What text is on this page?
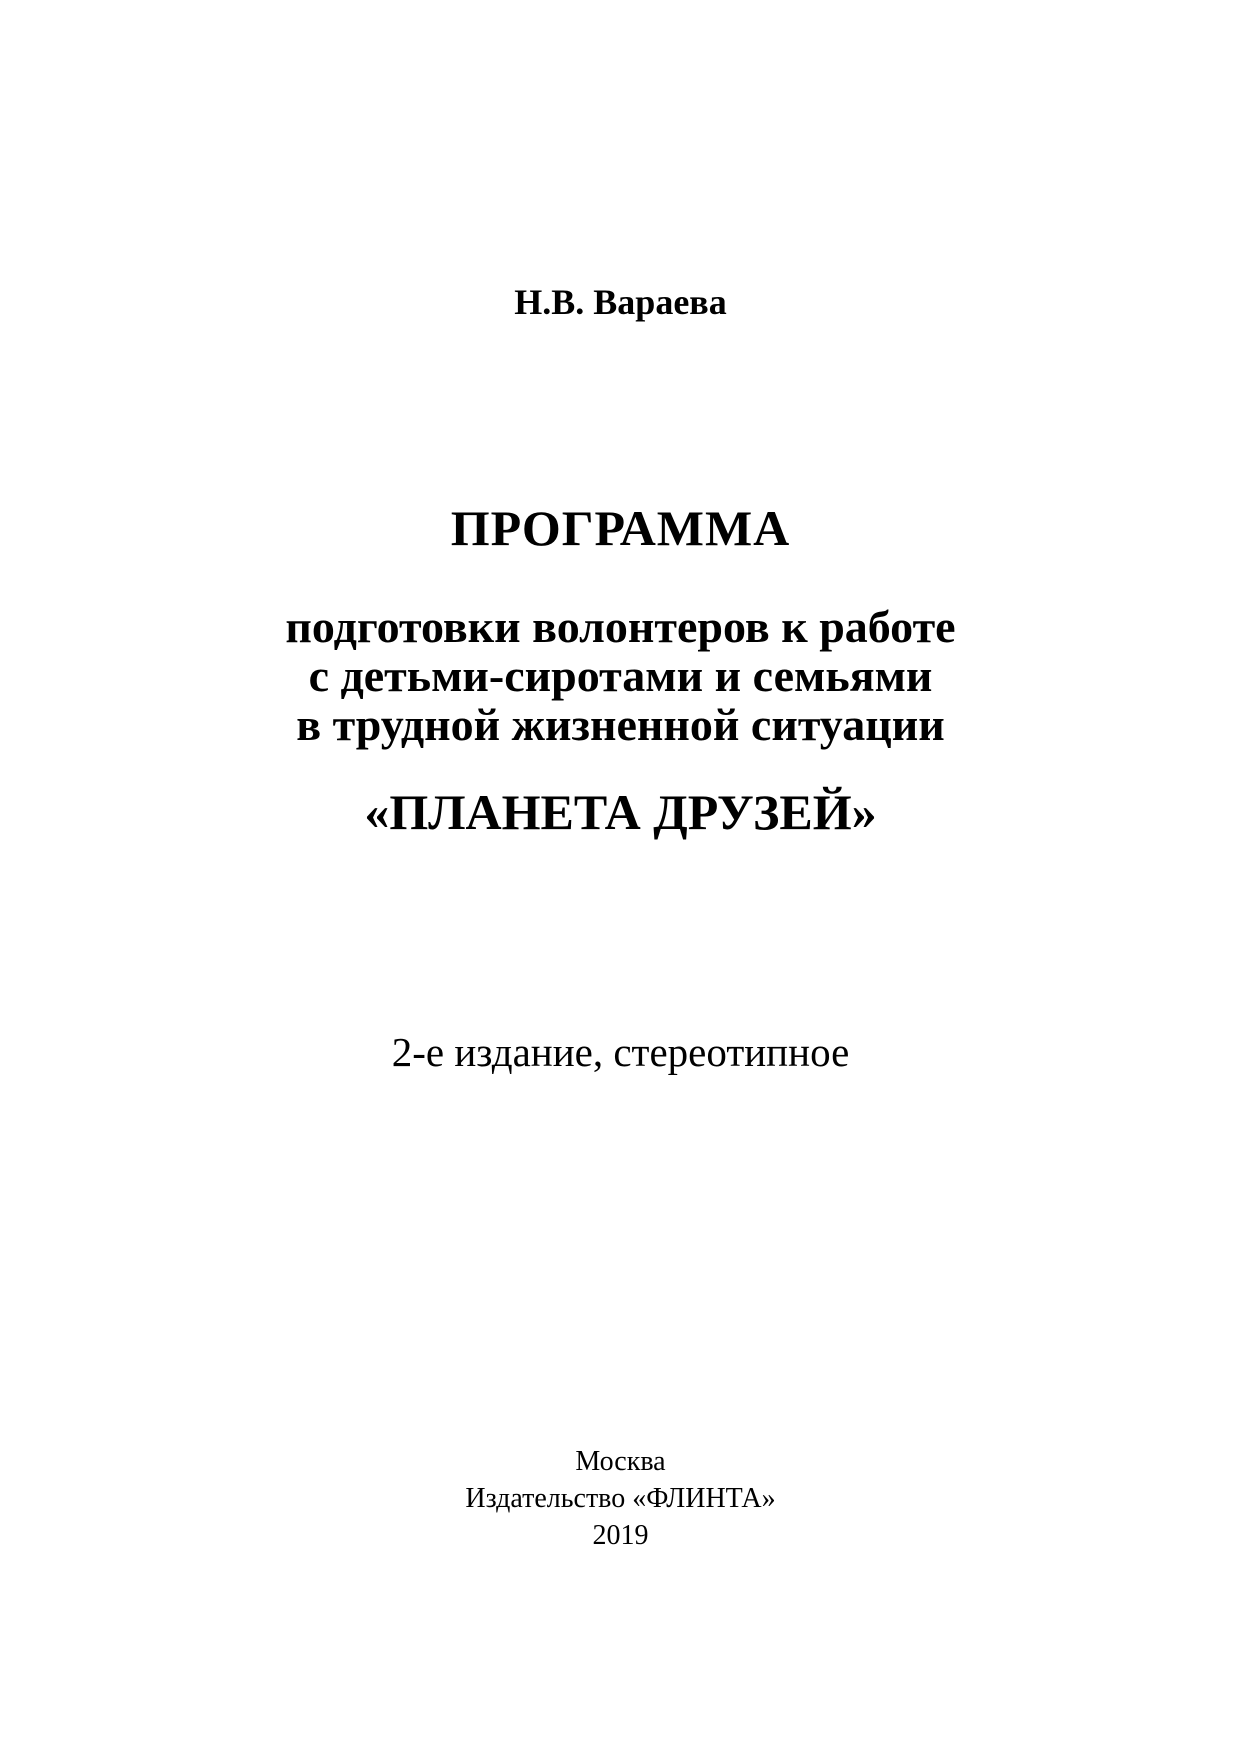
Н.В. Вараева

ПРОГРАММА

подготовки волонтеров к работе
с детьми-сиротами и семьями
в трудной жизненной ситуации

«ПЛАНЕТА ДРУЗЕЙ»

2-е издание, стереотипное

Москва
Издательство «ФЛИНТА»
2019
